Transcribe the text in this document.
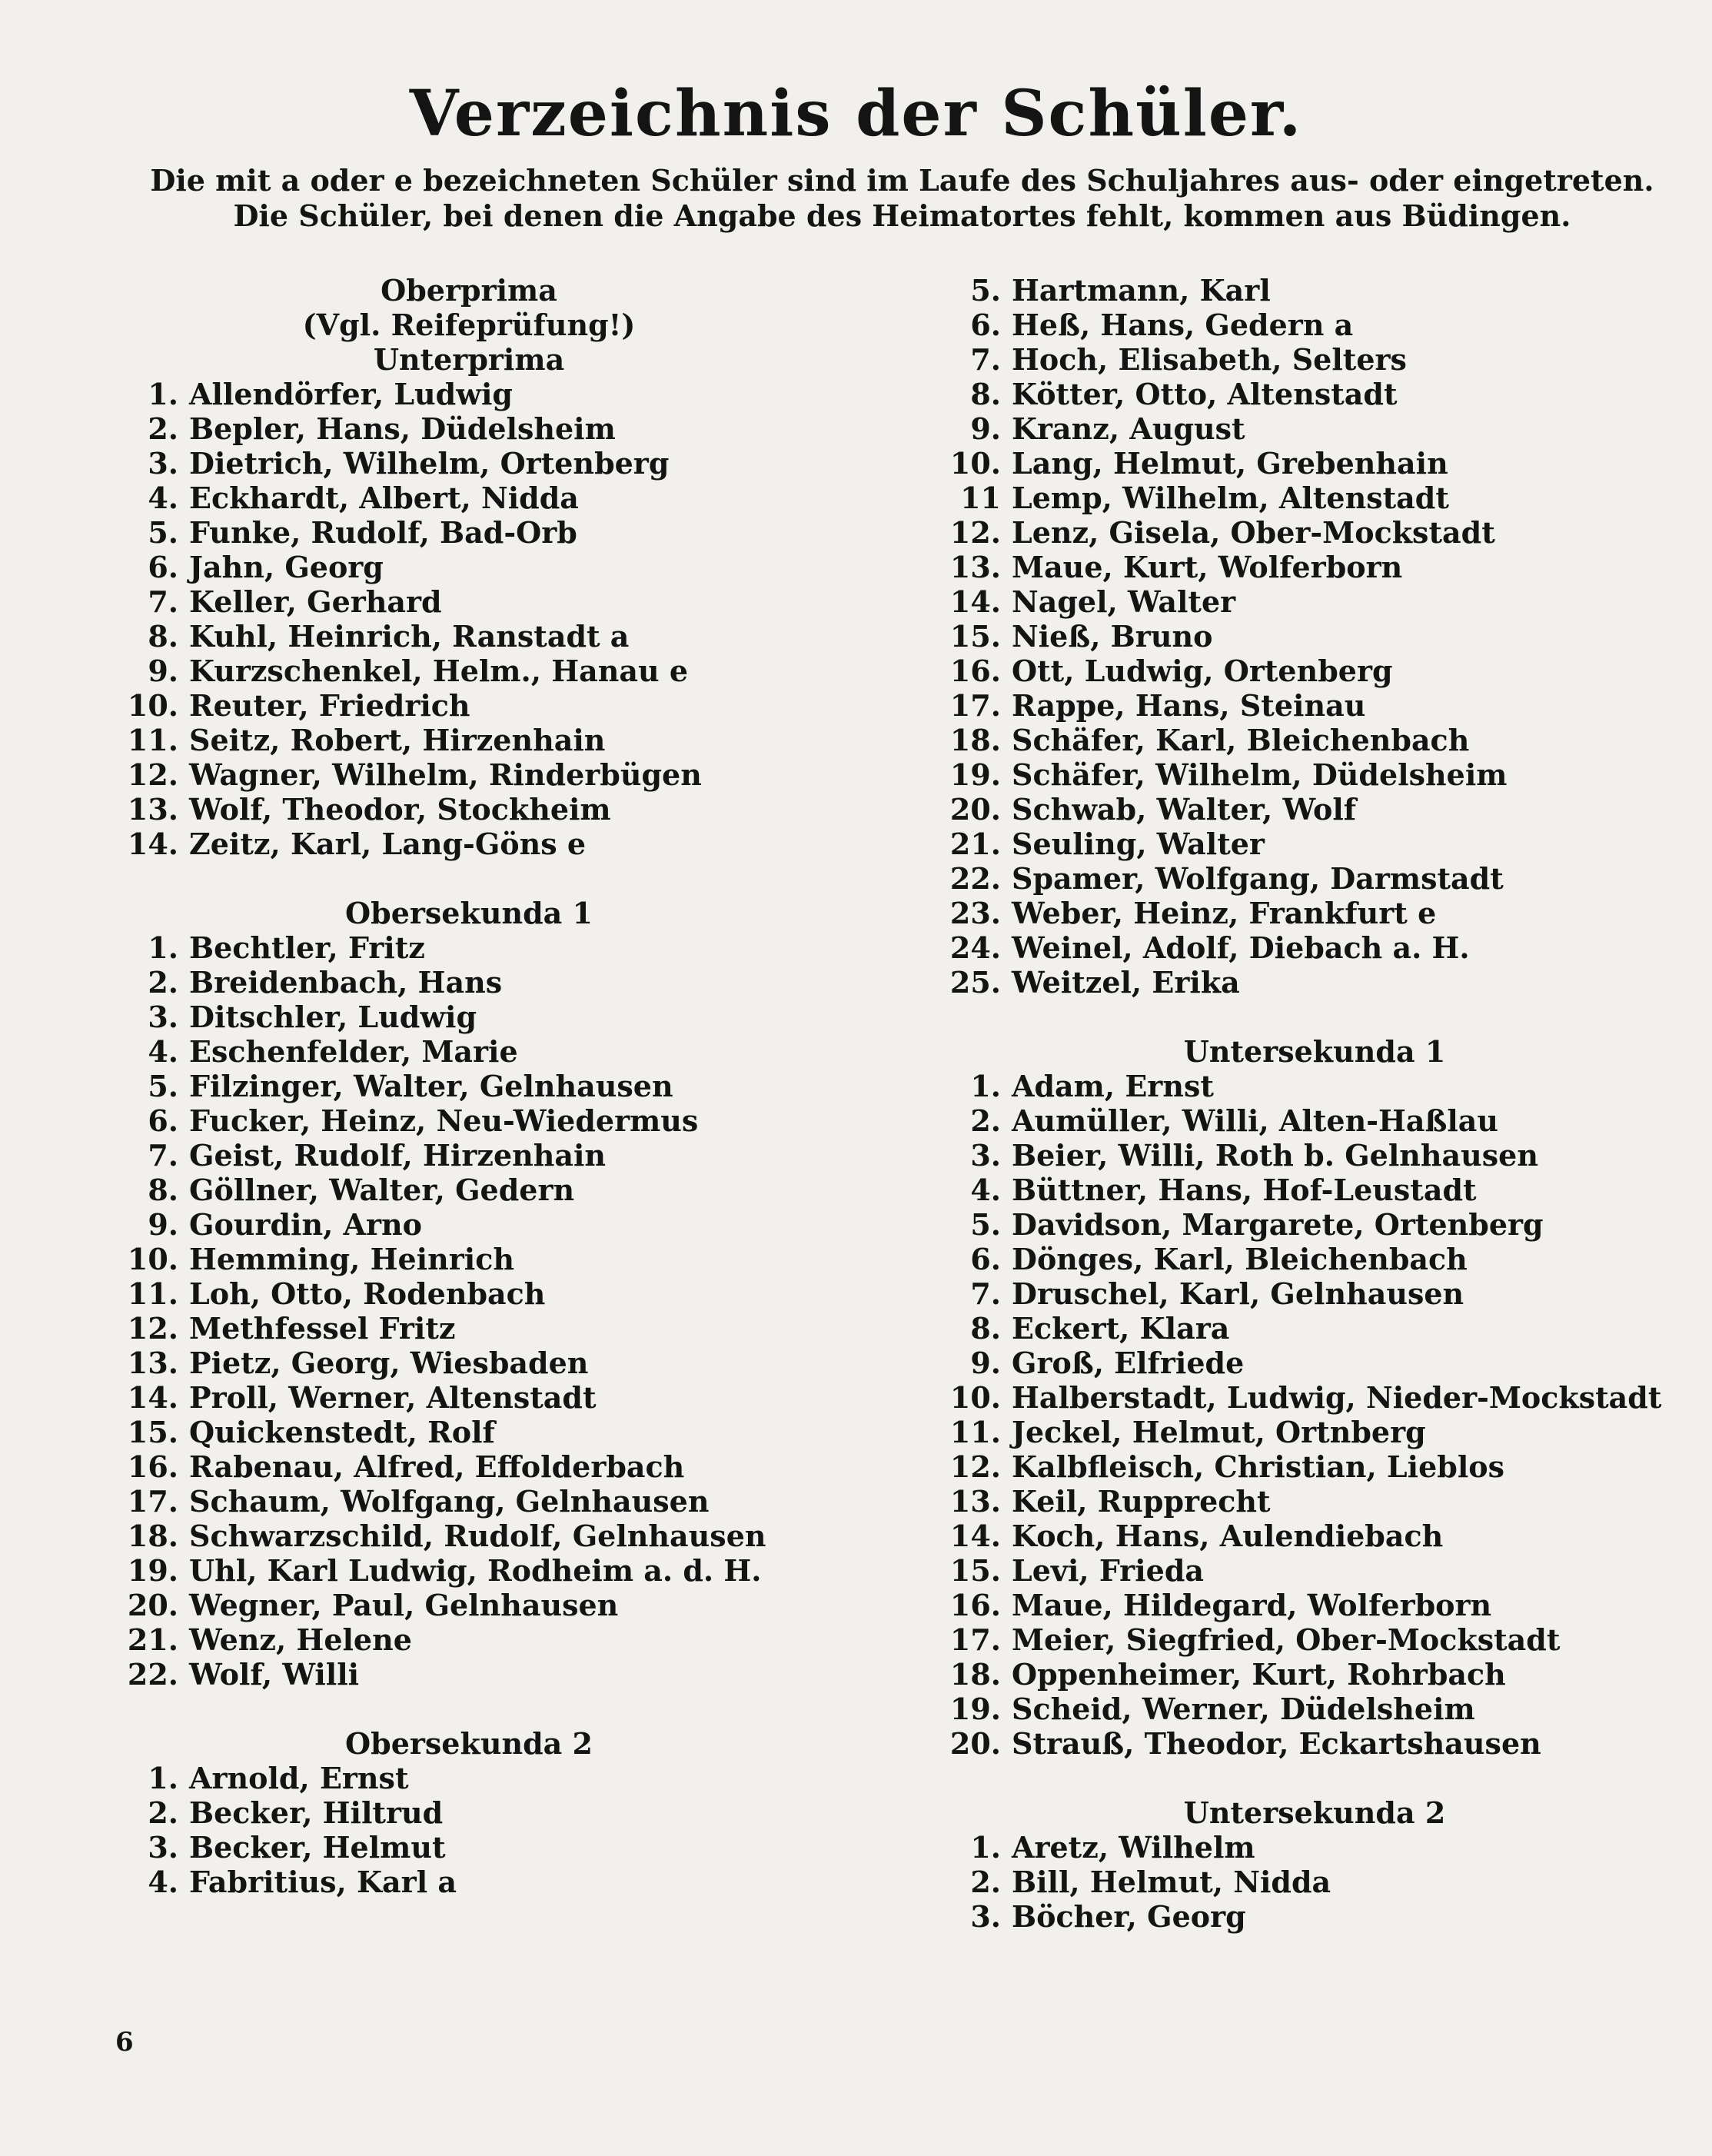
Verzeichnis der Schüler.
Die mit a oder e bezeichneten Schüler sind im Laufe des Schuljahres aus- oder eingetreten.
Die Schüler, bei denen die Angabe des Heimatortes fehlt, kommen aus Büdingen.
Oberprima
(Vgl. Reifeprüfung!)
Unterprima
1. Allendörfer, Ludwig
2. Bepler, Hans, Düdelsheim
3. Dietrich, Wilhelm, Ortenberg
4. Eckhardt, Albert, Nidda
5. Funke, Rudolf, Bad-Orb
6. Jahn, Georg
7. Keller, Gerhard
8. Kuhl, Heinrich, Ranstadt a
9. Kurzschenkel, Helm., Hanau e
10. Reuter, Friedrich
11. Seitz, Robert, Hirzenhain
12. Wagner, Wilhelm, Rinderbügen
13. Wolf, Theodor, Stockheim
14. Zeitz, Karl, Lang-Göns e
Obersekunda 1
1. Bechtler, Fritz
2. Breidenbach, Hans
3. Ditschler, Ludwig
4. Eschenfelder, Marie
5. Filzinger, Walter, Gelnhausen
6. Fucker, Heinz, Neu-Wiedermus
7. Geist, Rudolf, Hirzenhain
8. Göllner, Walter, Gedern
9. Gourdin, Arno
10. Hemming, Heinrich
11. Loh, Otto, Rodenbach
12. Methfessel Fritz
13. Pietz, Georg, Wiesbaden
14. Proll, Werner, Altenstadt
15. Quickenstedt, Rolf
16. Rabenau, Alfred, Effolderbach
17. Schaum, Wolfgang, Gelnhausen
18. Schwarzschild, Rudolf, Gelnhausen
19. Uhl, Karl Ludwig, Rodheim a. d. H.
20. Wegner, Paul, Gelnhausen
21. Wenz, Helene
22. Wolf, Willi
Obersekunda 2
1. Arnold, Ernst
2. Becker, Hiltrud
3. Becker, Helmut
4. Fabritius, Karl a
5. Hartmann, Karl
6. Heß, Hans, Gedern a
7. Hoch, Elisabeth, Selters
8. Kötter, Otto, Altenstadt
9. Kranz, August
10. Lang, Helmut, Grebenhain
11 Lemp, Wilhelm, Altenstadt
12. Lenz, Gisela, Ober-Mockstadt
13. Maue, Kurt, Wolferborn
14. Nagel, Walter
15. Nieß, Bruno
16. Ott, Ludwig, Ortenberg
17. Rappe, Hans, Steinau
18. Schäfer, Karl, Bleichenbach
19. Schäfer, Wilhelm, Düdelsheim
20. Schwab, Walter, Wolf
21. Seuling, Walter
22. Spamer, Wolfgang, Darmstadt
23. Weber, Heinz, Frankfurt e
24. Weinel, Adolf, Diebach a. H.
25. Weitzel, Erika
Untersekunda 1
1. Adam, Ernst
2. Aumüller, Willi, Alten-Haßlau
3. Beier, Willi, Roth b. Gelnhausen
4. Büttner, Hans, Hof-Leustadt
5. Davidson, Margarete, Ortenberg
6. Dönges, Karl, Bleichenbach
7. Druschel, Karl, Gelnhausen
8. Eckert, Klara
9. Groß, Elfriede
10. Halberstadt, Ludwig, Nieder-Mockstadt
11. Jeckel, Helmut, Ortnberg
12. Kalbfleisch, Christian, Lieblos
13. Keil, Rupprecht
14. Koch, Hans, Aulendiebach
15. Levi, Frieda
16. Maue, Hildegard, Wolferborn
17. Meier, Siegfried, Ober-Mockstadt
18. Oppenheimer, Kurt, Rohrbach
19. Scheid, Werner, Düdelsheim
20. Strauß, Theodor, Eckartshausen
Untersekunda 2
1. Aretz, Wilhelm
2. Bill, Helmut, Nidda
3. Böcher, Georg
6
